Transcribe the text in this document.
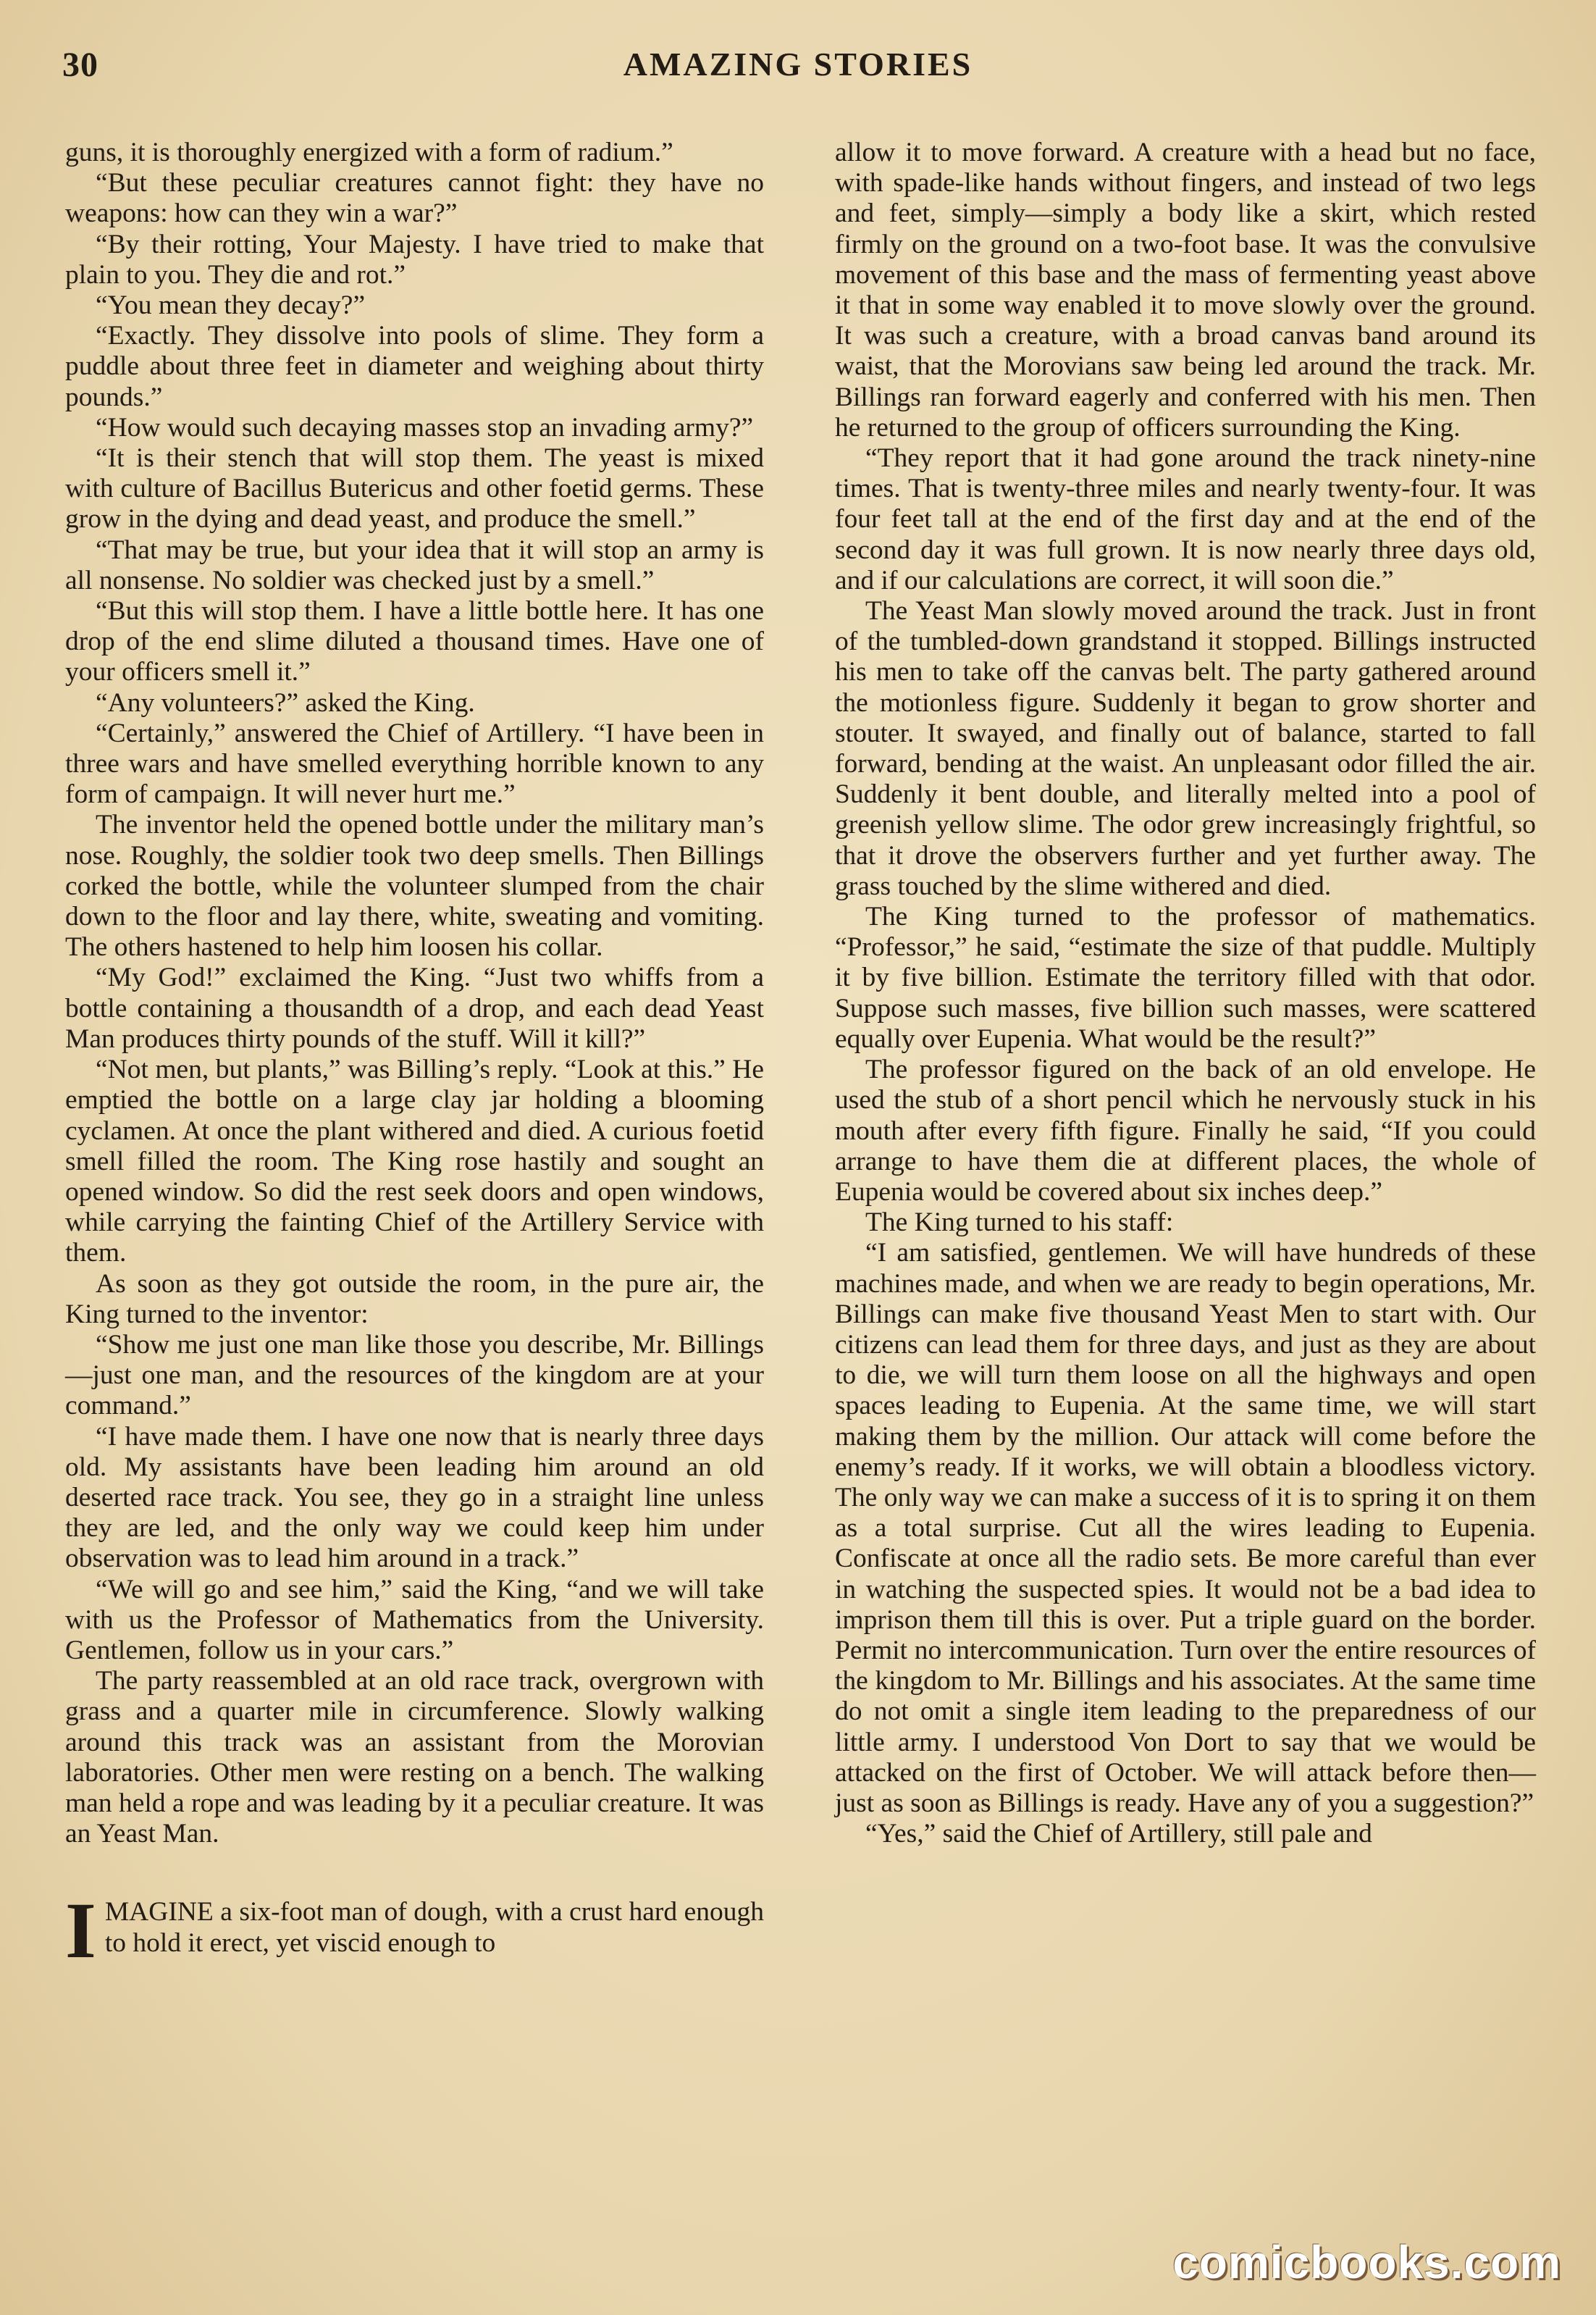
30	AMAZING STORIES

guns, it is thoroughly energized with a form of radium.”

“But these peculiar creatures cannot fight: they have no weapons: how can they win a war?”

“By their rotting, Your Majesty. I have tried to make that plain to you. They die and rot.”

“You mean they decay?”

“Exactly. They dissolve into pools of slime. They form a puddle about three feet in diameter and weighing about thirty pounds.”

“How would such decaying masses stop an invading army?”

“It is their stench that will stop them. The yeast is mixed with culture of Bacillus Butericus and other foetid germs. These grow in the dying and dead yeast, and produce the smell.”

“That may be true, but your idea that it will stop an army is all nonsense. No soldier was checked just by a smell.”

“But this will stop them. I have a little bottle here. It has one drop of the end slime diluted a thousand times. Have one of your officers smell it.”

“Any volunteers?” asked the King.

“Certainly,” answered the Chief of Artillery. “I have been in three wars and have smelled everything horrible known to any form of campaign. It will never hurt me.”

The inventor held the opened bottle under the military man’s nose. Roughly, the soldier took two deep smells. Then Billings corked the bottle, while the volunteer slumped from the chair down to the floor and lay there, white, sweating and vomiting. The others hastened to help him loosen his collar.

“My God!” exclaimed the King. “Just two whiffs from a bottle containing a thousandth of a drop, and each dead Yeast Man produces thirty pounds of the stuff. Will it kill?”

“Not men, but plants,” was Billing’s reply. “Look at this.” He emptied the bottle on a large clay jar holding a blooming cyclamen. At once the plant withered and died. A curious foetid smell filled the room. The King rose hastily and sought an opened window. So did the rest seek doors and open windows, while carrying the fainting Chief of the Artillery Service with them.

As soon as they got outside the room, in the pure air, the King turned to the inventor:

“Show me just one man like those you describe, Mr. Billings—just one man, and the resources of the kingdom are at your command.”

“I have made them. I have one now that is nearly three days old. My assistants have been leading him around an old deserted race track. You see, they go in a straight line unless they are led, and the only way we could keep him under observation was to lead him around in a track.”

“We will go and see him,” said the King, “and we will take with us the Professor of Mathematics from the University. Gentlemen, follow us in your cars.”

The party reassembled at an old race track, overgrown with grass and a quarter mile in circumference. Slowly walking around this track was an assistant from the Morovian laboratories. Other men were resting on a bench. The walking man held a rope and was leading by it a peculiar creature. It was an Yeast Man.

IMAGINE a six-foot man of dough, with a crust hard enough to hold it erect, yet viscid enough to

allow it to move forward. A creature with a head but no face, with spade-like hands without fingers, and instead of two legs and feet, simply—simply a body like a skirt, which rested firmly on the ground on a two-foot base. It was the convulsive movement of this base and the mass of fermenting yeast above it that in some way enabled it to move slowly over the ground. It was such a creature, with a broad canvas band around its waist, that the Morovians saw being led around the track. Mr. Billings ran forward eagerly and conferred with his men. Then he returned to the group of officers surrounding the King.

“They report that it had gone around the track ninety-nine times. That is twenty-three miles and nearly twenty-four. It was four feet tall at the end of the first day and at the end of the second day it was full grown. It is now nearly three days old, and if our calculations are correct, it will soon die.”

The Yeast Man slowly moved around the track. Just in front of the tumbled-down grandstand it stopped. Billings instructed his men to take off the canvas belt. The party gathered around the motionless figure. Suddenly it began to grow shorter and stouter. It swayed, and finally out of balance, started to fall forward, bending at the waist. An unpleasant odor filled the air. Suddenly it bent double, and literally melted into a pool of greenish yellow slime. The odor grew increasingly frightful, so that it drove the observers further and yet further away. The grass touched by the slime withered and died.

The King turned to the professor of mathematics. “Professor,” he said, “estimate the size of that puddle. Multiply it by five billion. Estimate the territory filled with that odor. Suppose such masses, five billion such masses, were scattered equally over Eupenia. What would be the result?”

The professor figured on the back of an old envelope. He used the stub of a short pencil which he nervously stuck in his mouth after every fifth figure. Finally he said, “If you could arrange to have them die at different places, the whole of Eupenia would be covered about six inches deep.”

The King turned to his staff:

“I am satisfied, gentlemen. We will have hundreds of these machines made, and when we are ready to begin operations, Mr. Billings can make five thousand Yeast Men to start with. Our citizens can lead them for three days, and just as they are about to die, we will turn them loose on all the highways and open spaces leading to Eupenia. At the same time, we will start making them by the million. Our attack will come before the enemy’s ready. If it works, we will obtain a bloodless victory. The only way we can make a success of it is to spring it on them as a total surprise. Cut all the wires leading to Eupenia. Confiscate at once all the radio sets. Be more careful than ever in watching the suspected spies. It would not be a bad idea to imprison them till this is over. Put a triple guard on the border. Permit no intercommunication. Turn over the entire resources of the kingdom to Mr. Billings and his associates. At the same time do not omit a single item leading to the preparedness of our little army. I understood Von Dort to say that we would be attacked on the first of October. We will attack before then—just as soon as Billings is ready. Have any of you a suggestion?”

“Yes,” said the Chief of Artillery, still pale and

comicbooks.com
